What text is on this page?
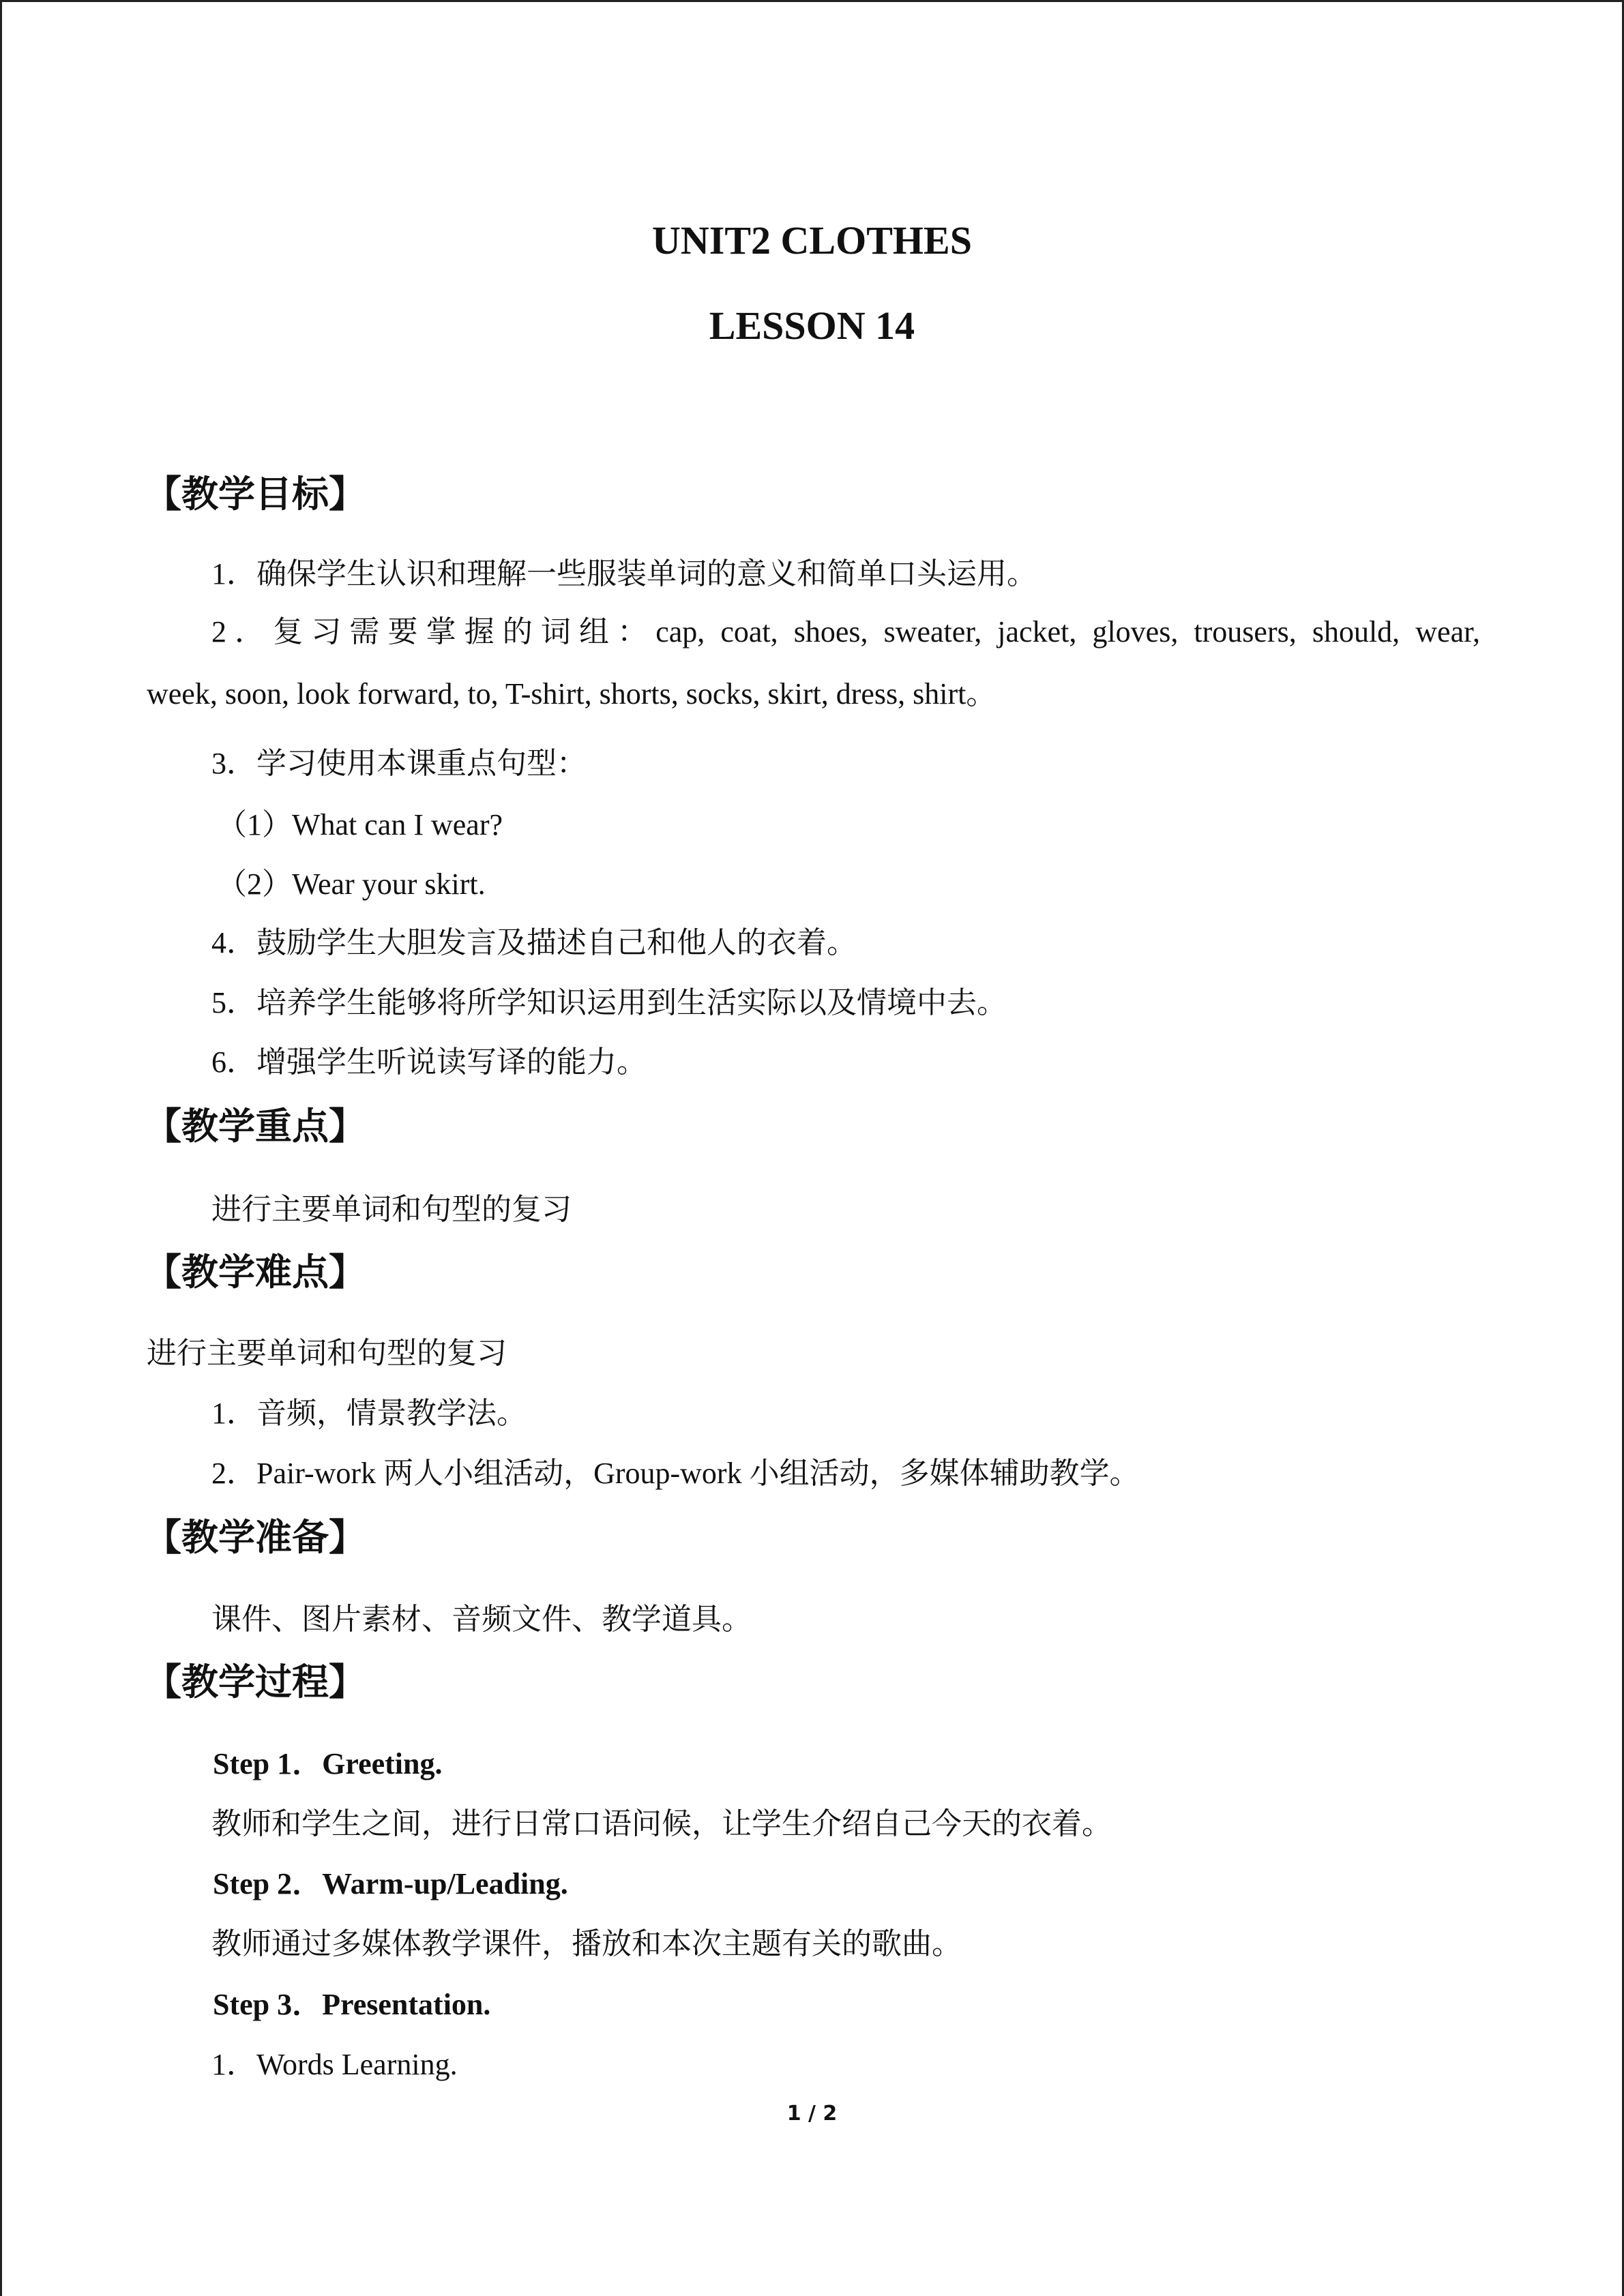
UNIT2 CLOTHES
LESSON 14
【教学目标】
1．确保学生认识和理解一些服装单词的意义和简单口头运用。
2．复习需要掌握的词组：cap, coat, shoes, sweater, jacket, gloves, trousers, should, wear,
week, soon, look forward, to, T-shirt, shorts, socks, skirt, dress, shirt。
3．学习使用本课重点句型：
（1）What can I wear?
（2）Wear your skirt.
4．鼓励学生大胆发言及描述自己和他人的衣着。
5．培养学生能够将所学知识运用到生活实际以及情境中去。
6．增强学生听说读写译的能力。
【教学重点】
进行主要单词和句型的复习
【教学难点】
进行主要单词和句型的复习
1．音频，情景教学法。
2．Pair-work 两人小组活动，Group-work 小组活动，多媒体辅助教学。
【教学准备】
课件、图片素材、音频文件、教学道具。
【教学过程】
Step 1．Greeting.
教师和学生之间，进行日常口语问候，让学生介绍自己今天的衣着。
Step 2．Warm-up/Leading.
教师通过多媒体教学课件，播放和本次主题有关的歌曲。
Step 3．Presentation.
1．Words Learning.
1 / 2
